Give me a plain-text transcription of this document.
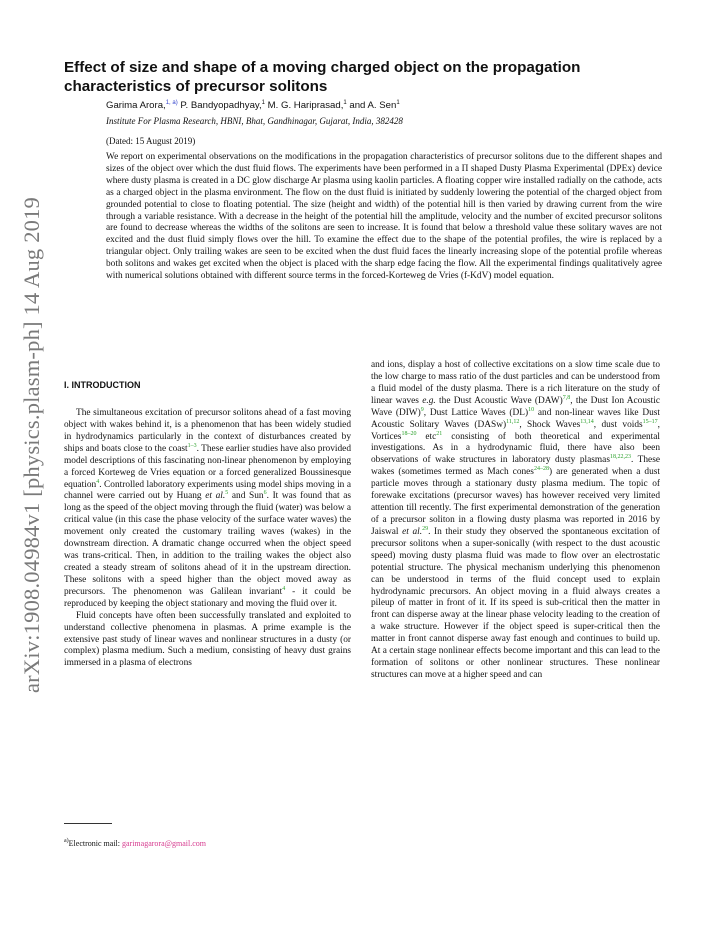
arXiv:1908.04984v1 [physics.plasm-ph] 14 Aug 2019
Effect of size and shape of a moving charged object on the propagation characteristics of precursor solitons
Garima Arora,$^{1, a)}$ P. Bandyopadhyay,$^1$ M. G. Hariprasad,$^1$ and A. Sen$^1$
Institute For Plasma Research, HBNI, Bhat, Gandhinagar, Gujarat, India, 382428
(Dated: 15 August 2019)

We report on experimental observations on the modifications in the propagation characteristics of precursor solitons due to the different shapes and sizes of the object over which the dust fluid flows. The experiments have been performed in a Π shaped Dusty Plasma Experimental (DPEx) device where dusty plasma is created in a DC glow discharge Ar plasma using kaolin particles. A floating copper wire installed radially on the cathode, acts as a charged object in the plasma environment. The flow on the dust fluid is initiated by suddenly lowering the potential of the charged object from grounded potential to close to floating potential. The size (height and width) of the potential hill is then varied by drawing current from the wire through a variable resistance. With a decrease in the height of the potential hill the amplitude, velocity and the number of excited precursor solitons are found to decrease whereas the widths of the solitons are seen to increase. It is found that below a threshold value these solitary waves are not excited and the dust fluid simply flows over the hill. To examine the effect due to the shape of the potential profiles, the wire is replaced by a triangular object. Only trailing wakes are seen to be excited when the dust fluid faces the linearly increasing slope of the potential profile whereas both solitons and wakes get excited when the object is placed with the sharp edge facing the flow. All the experimental findings qualitatively agree with numerical solutions obtained with different source terms in the forced-Korteweg de Vries (f-KdV) model equation.

I. INTRODUCTION

The simultaneous excitation of precursor solitons ahead of a fast moving object with wakes behind it, is a phenomenon that has been widely studied in hydrodynamics particularly in the context of disturbances created by ships and boats close to the coast$^{1-3}$. These earlier studies have also provided model descriptions of this fascinating non-linear phenomenon by employing a forced Korteweg de Vries equation or a forced generalized Boussinesque equation$^4$. Controlled laboratory experiments using model ships moving in a channel were carried out by Huang et al.$^5$ and Sun$^6$. It was found that as long as the speed of the object moving through the fluid (water) was below a critical value (in this case the phase velocity of the surface water waves) the movement only created the customary trailing waves (wakes) in the downstream direction. A dramatic change occurred when the object speed was trans-critical. Then, in addition to the trailing wakes the object also created a steady stream of solitons ahead of it in the upstream direction. These solitons with a speed higher than the object moved away as precursors. The phenomenon was Galilean invariant$^4$ - it could be reproduced by keeping the object stationary and moving the fluid over it.

Fluid concepts have often been successfully translated and exploited to understand collective phenomena in plasmas. A prime example is the extensive past study of linear waves and nonlinear structures in a dusty (or complex) plasma medium. Such a medium, consisting of heavy dust grains immersed in a plasma of electrons

and ions, display a host of collective excitations on a slow time scale due to the low charge to mass ratio of the dust particles and can be understood from a fluid model of the dusty plasma. There is a rich literature on the study of linear waves e.g. the Dust Acoustic Wave (DAW)$^{7,8}$, the Dust Ion Acoustic Wave (DIW)$^9$, Dust Lattice Waves (DL)$^{10}$ and non-linear waves like Dust Acoustic Solitary Waves (DASw)$^{11,12}$, Shock Waves$^{13,14}$, dust voids$^{15-17}$, Vortices$^{18-20}$ etc$^{21}$ consisting of both theoretical and experimental investigations. As in a hydrodynamic fluid, there have also been observations of wake structures in laboratory dusty plasmas$^{18,22,23}$. These wakes (sometimes termed as Mach cones$^{24-28}$) are generated when a dust particle moves through a stationary dusty plasma medium. The topic of forewake excitations (precursor waves) has however received very limited attention till recently. The first experimental demonstration of the generation of a precursor soliton in a flowing dusty plasma was reported in 2016 by Jaiswal et al.$^{29}$. In their study they observed the spontaneous excitation of precursor solitons when a super-sonically (with respect to the dust acoustic speed) moving dusty plasma fluid was made to flow over an electrostatic potential structure. The physical mechanism underlying this phenomenon can be understood in terms of the fluid concept used to explain hydrodynamic precursors. An object moving in a fluid always creates a pileup of matter in front of it. If its speed is sub-critical then the matter in front can disperse away at the linear phase velocity leading to the creation of a wake structure. However if the object speed is super-critical then the matter in front cannot disperse away fast enough and continues to build up. At a certain stage nonlinear effects become important and this can lead to the formation of solitons or other nonlinear structures. These nonlinear structures can move at a higher speed and can

$^{a)}$Electronic mail: garimagarora@gmail.com
